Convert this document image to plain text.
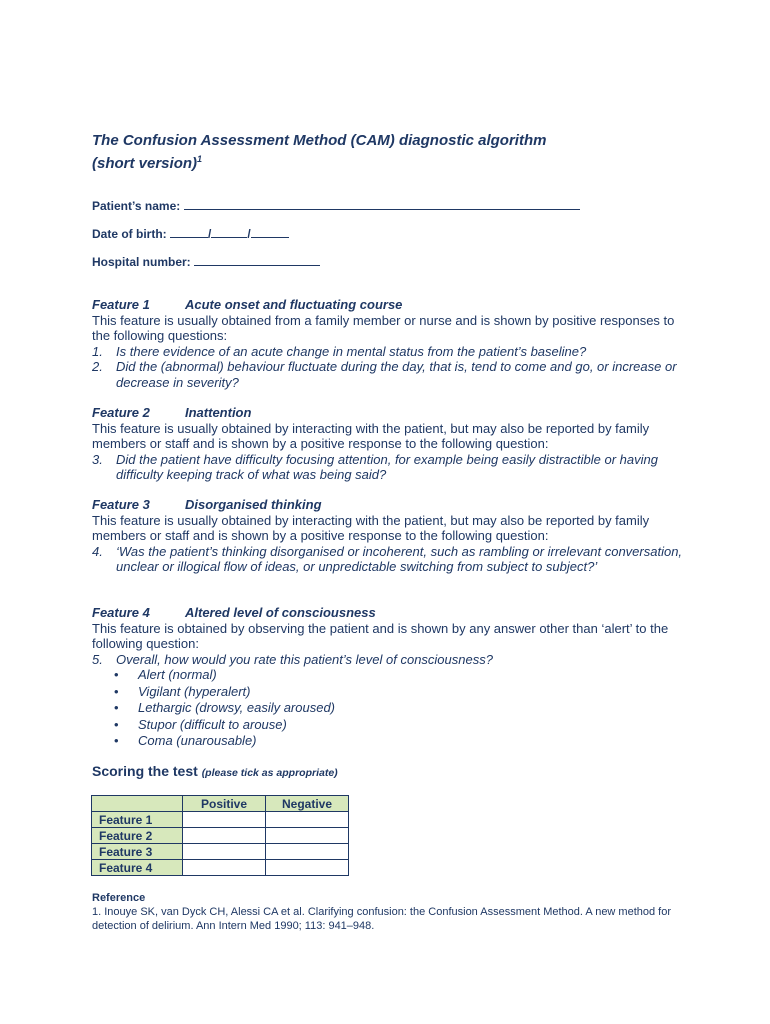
The Confusion Assessment Method (CAM) diagnostic algorithm
(short version)$^1$
Patient’s name:
Date of birth:	/	/
Hospital number:
Feature 1	Acute onset and fluctuating course
This feature is usually obtained from a family member or nurse and is shown by positive responses to the following questions:
1.	Is there evidence of an acute change in mental status from the patient’s baseline?
2.	Did the (abnormal) behaviour fluctuate during the day, that is, tend to come and go, or increase or decrease in severity?
Feature 2	Inattention
This feature is usually obtained by interacting with the patient, but may also be reported by family members or staff and is shown by a positive response to the following question:
3.	Did the patient have difficulty focusing attention, for example being easily distractible or having difficulty keeping track of what was being said?
Feature 3	Disorganised thinking
This feature is usually obtained by interacting with the patient, but may also be reported by family members or staff and is shown by a positive response to the following question:
4.	‘Was the patient’s thinking disorganised or incoherent, such as rambling or irrelevant conversation, unclear or illogical flow of ideas, or unpredictable switching from subject to subject?’
Feature 4	Altered level of consciousness
This feature is obtained by observing the patient and is shown by any answer other than ‘alert’ to the following question:
5.	Overall, how would you rate this patient’s level of consciousness?
•	Alert (normal)
•	Vigilant (hyperalert)
•	Lethargic (drowsy, easily aroused)
•	Stupor (difficult to arouse)
•	Coma (unarousable)
Scoring the test (please tick as appropriate)
	Positive	Negative
Feature 1		
Feature 2		
Feature 3		
Feature 4		
Reference
1. Inouye SK, van Dyck CH, Alessi CA et al. Clarifying confusion: the Confusion Assessment Method. A new method for detection of delirium. Ann Intern Med 1990; 113: 941–948.
